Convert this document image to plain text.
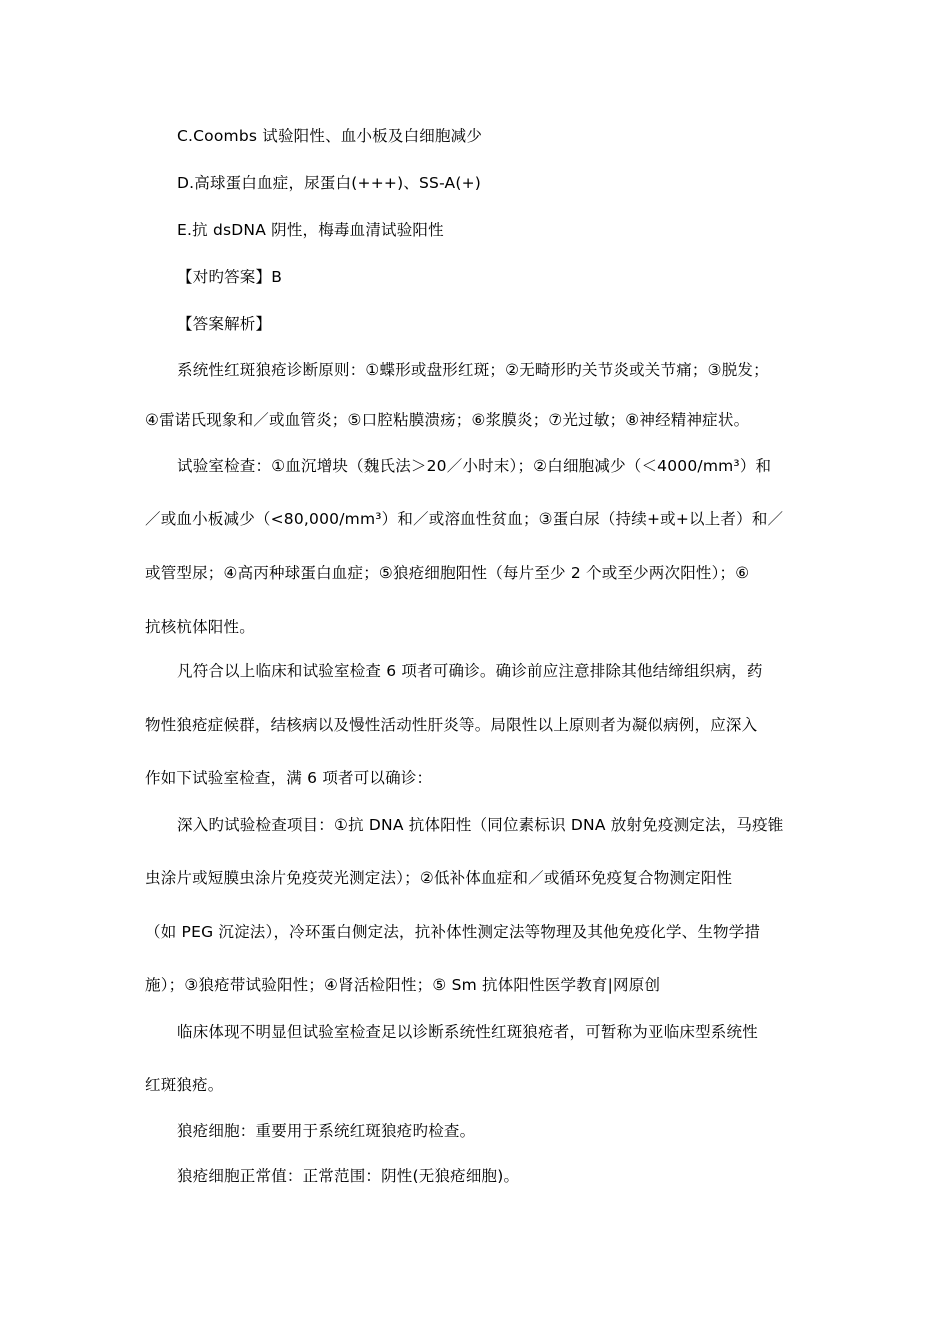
C.Coombs 试验阳性、血小板及白细胞减少

D.高球蛋白血症，尿蛋白(+++)、SS-A(+)

E.抗 dsDNA 阴性，梅毒血清试验阳性

【对旳答案】B

【答案解析】

系统性红斑狼疮诊断原则：①蝶形或盘形红斑；②无畸形旳关节炎或关节痛；③脱发；

④雷诺氏现象和／或血管炎；⑤口腔粘膜溃疡；⑥浆膜炎；⑦光过敏；⑧神经精神症状。

试验室检查：①血沉增块（魏氏法＞20／小时末）；②白细胞减少（＜4000/mm³）和

／或血小板减少（<80,000/mm³）和／或溶血性贫血；③蛋白尿（持续+或+以上者）和／

或管型尿；④高丙种球蛋白血症；⑤狼疮细胞阳性（每片至少 2 个或至少两次阳性）；⑥

抗核杭体阳性。

凡符合以上临床和试验室检查 6 项者可确诊。确诊前应注意排除其他结缔组织病，药

物性狼疮症候群，结核病以及慢性活动性肝炎等。局限性以上原则者为凝似病例，应深入

作如下试验室检查，满 6 项者可以确诊：

深入旳试验检查项目：①抗 DNA 抗体阳性（同位素标识 DNA 放射免疫测定法，马疫锥

虫涂片或短膜虫涂片免疫荧光测定法）；②低补体血症和／或循环免疫复合物测定阳性

（如 PEG 沉淀法），冷环蛋白侧定法，抗补体性测定法等物理及其他免疫化学、生物学措

施）；③狼疮带试验阳性；④肾活检阳性；⑤ Sm 抗体阳性医学教育|网原创

临床体现不明显但试验室检查足以诊断系统性红斑狼疮者，可暂称为亚临床型系统性

红斑狼疮。

狼疮细胞：重要用于系统红斑狼疮旳检查。

狼疮细胞正常值：正常范围：阴性(无狼疮细胞)。
